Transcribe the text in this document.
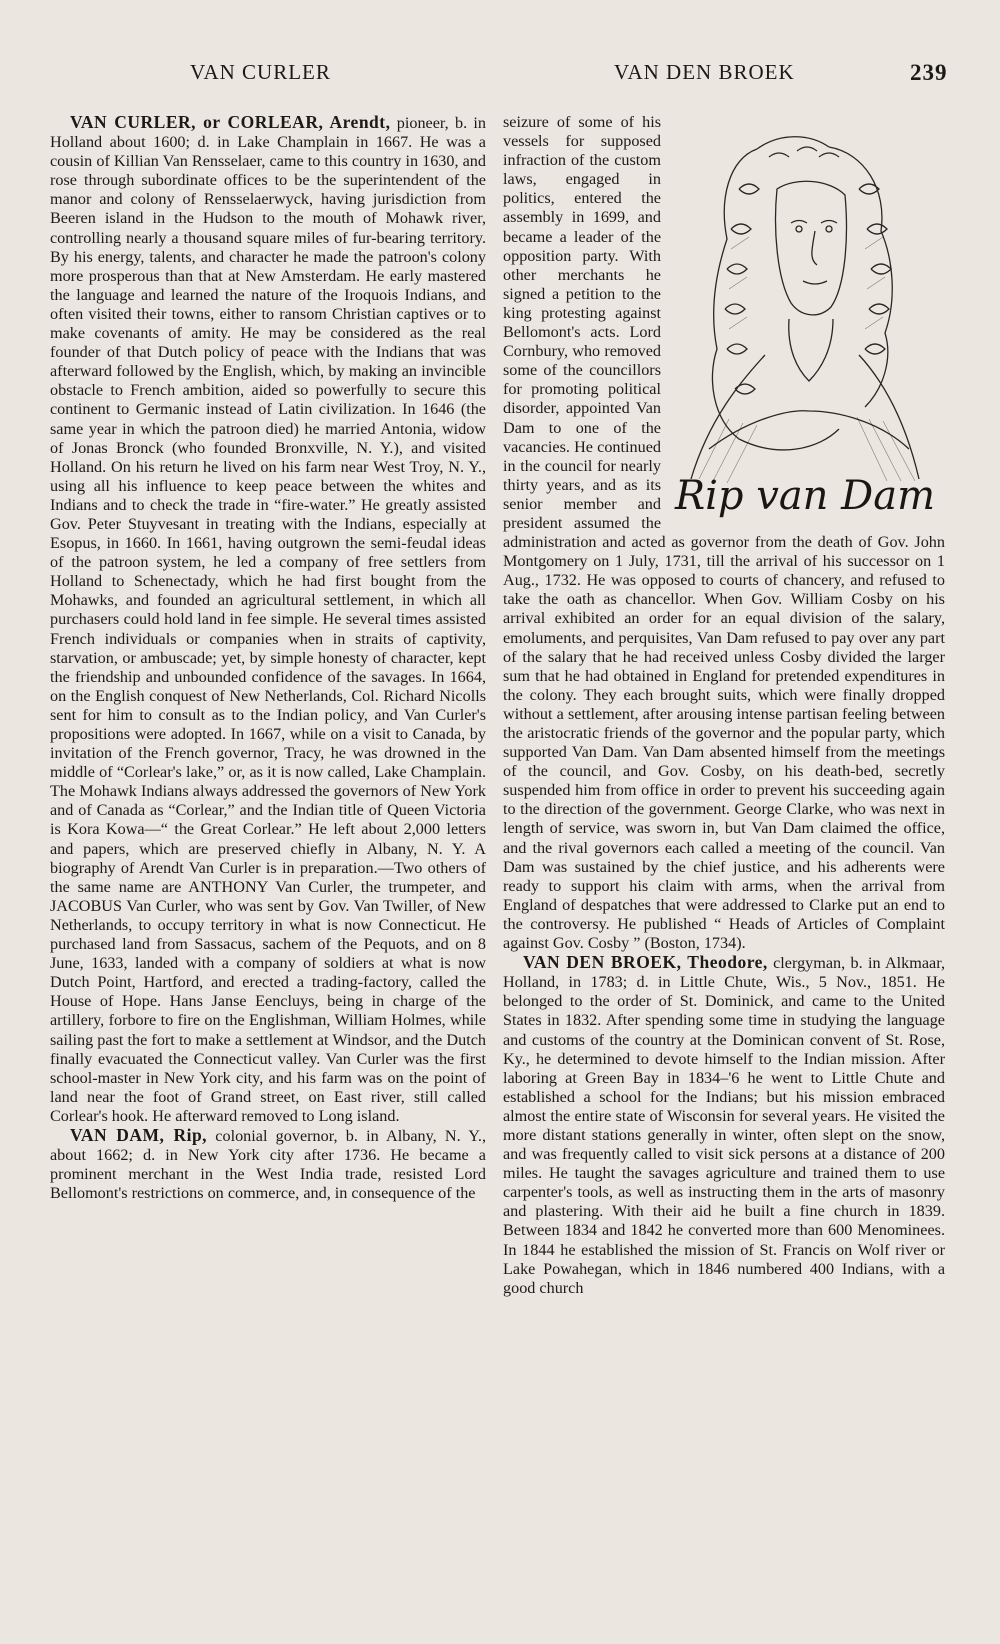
VAN CURLER	VAN DEN BROEK	239

VAN CURLER, or CORLEAR, Arendt, pioneer, b. in Holland about 1600; d. in Lake Champlain in 1667. He was a cousin of Killian Van Rensselaer, came to this country in 1630, and rose through subordinate offices to be the superintendent of the manor and colony of Rensselaerwyck, having jurisdiction from Beeren island in the Hudson to the mouth of Mohawk river, controlling nearly a thousand square miles of fur-bearing territory. By his energy, talents, and character he made the patroon's colony more prosperous than that at New Amsterdam. He early mastered the language and learned the nature of the Iroquois Indians, and often visited their towns, either to ransom Christian captives or to make covenants of amity. He may be considered as the real founder of that Dutch policy of peace with the Indians that was afterward followed by the English, which, by making an invincible obstacle to French ambition, aided so powerfully to secure this continent to Germanic instead of Latin civilization. In 1646 (the same year in which the patroon died) he married Antonia, widow of Jonas Bronck (who founded Bronxville, N. Y.), and visited Holland. On his return he lived on his farm near West Troy, N. Y., using all his influence to keep peace between the whites and Indians and to check the trade in “fire-water.” He greatly assisted Gov. Peter Stuyvesant in treating with the Indians, especially at Esopus, in 1660. In 1661, having outgrown the semi-feudal ideas of the patroon system, he led a company of free settlers from Holland to Schenectady, which he had first bought from the Mohawks, and founded an agricultural settlement, in which all purchasers could hold land in fee simple. He several times assisted French individuals or companies when in straits of captivity, starvation, or ambuscade; yet, by simple honesty of character, kept the friendship and unbounded confidence of the savages. In 1664, on the English conquest of New Netherlands, Col. Richard Nicolls sent for him to consult as to the Indian policy, and Van Curler's propositions were adopted. In 1667, while on a visit to Canada, by invitation of the French governor, Tracy, he was drowned in the middle of “Corlear's lake,” or, as it is now called, Lake Champlain. The Mohawk Indians always addressed the governors of New York and of Canada as “Corlear,” and the Indian title of Queen Victoria is Kora Kowa—“ the Great Corlear.” He left about 2,000 letters and papers, which are preserved chiefly in Albany, N. Y. A biography of Arendt Van Curler is in preparation.—Two others of the same name are ANTHONY Van Curler, the trumpeter, and JACOBUS Van Curler, who was sent by Gov. Van Twiller, of New Netherlands, to occupy territory in what is now Connecticut. He purchased land from Sassacus, sachem of the Pequots, and on 8 June, 1633, landed with a company of soldiers at what is now Dutch Point, Hartford, and erected a trading-factory, called the House of Hope. Hans Janse Eencluys, being in charge of the artillery, forbore to fire on the Englishman, William Holmes, while sailing past the fort to make a settlement at Windsor, and the Dutch finally evacuated the Connecticut valley. Van Curler was the first school-master in New York city, and his farm was on the point of land near the foot of Grand street, on East river, still called Corlear's hook. He afterward removed to Long island.

VAN DAM, Rip, colonial governor, b. in Albany, N. Y., about 1662; d. in New York city after 1736. He became a prominent merchant in the West India trade, resisted Lord Bellomont's restrictions on commerce, and, in consequence of the

Rip van Dam

seizure of some of his vessels for supposed infraction of the custom laws, engaged in politics, entered the assembly in 1699, and became a leader of the opposition party. With other merchants he signed a petition to the king protesting against Bellomont's acts. Lord Cornbury, who removed some of the councillors for promoting political disorder, appointed Van Dam to one of the vacancies. He continued in the council for nearly thirty years, and as its senior member and president assumed the administration and acted as governor from the death of Gov. John Montgomery on 1 July, 1731, till the arrival of his successor on 1 Aug., 1732. He was opposed to courts of chancery, and refused to take the oath as chancellor. When Gov. William Cosby on his arrival exhibited an order for an equal division of the salary, emoluments, and perquisites, Van Dam refused to pay over any part of the salary that he had received unless Cosby divided the larger sum that he had obtained in England for pretended expenditures in the colony. They each brought suits, which were finally dropped without a settlement, after arousing intense partisan feeling between the aristocratic friends of the governor and the popular party, which supported Van Dam. Van Dam absented himself from the meetings of the council, and Gov. Cosby, on his death-bed, secretly suspended him from office in order to prevent his succeeding again to the direction of the government. George Clarke, who was next in length of service, was sworn in, but Van Dam claimed the office, and the rival governors each called a meeting of the council. Van Dam was sustained by the chief justice, and his adherents were ready to support his claim with arms, when the arrival from England of despatches that were addressed to Clarke put an end to the controversy. He published “ Heads of Articles of Complaint against Gov. Cosby ” (Boston, 1734).

VAN DEN BROEK, Theodore, clergyman, b. in Alkmaar, Holland, in 1783; d. in Little Chute, Wis., 5 Nov., 1851. He belonged to the order of St. Dominick, and came to the United States in 1832. After spending some time in studying the language and customs of the country at the Dominican convent of St. Rose, Ky., he determined to devote himself to the Indian mission. After laboring at Green Bay in 1834–'6 he went to Little Chute and established a school for the Indians; but his mission embraced almost the entire state of Wisconsin for several years. He visited the more distant stations generally in winter, often slept on the snow, and was frequently called to visit sick persons at a distance of 200 miles. He taught the savages agriculture and trained them to use carpenter's tools, as well as instructing them in the arts of masonry and plastering. With their aid he built a fine church in 1839. Between 1834 and 1842 he converted more than 600 Menominees. In 1844 he established the mission of St. Francis on Wolf river or Lake Powahegan, which in 1846 numbered 400 Indians, with a good church
